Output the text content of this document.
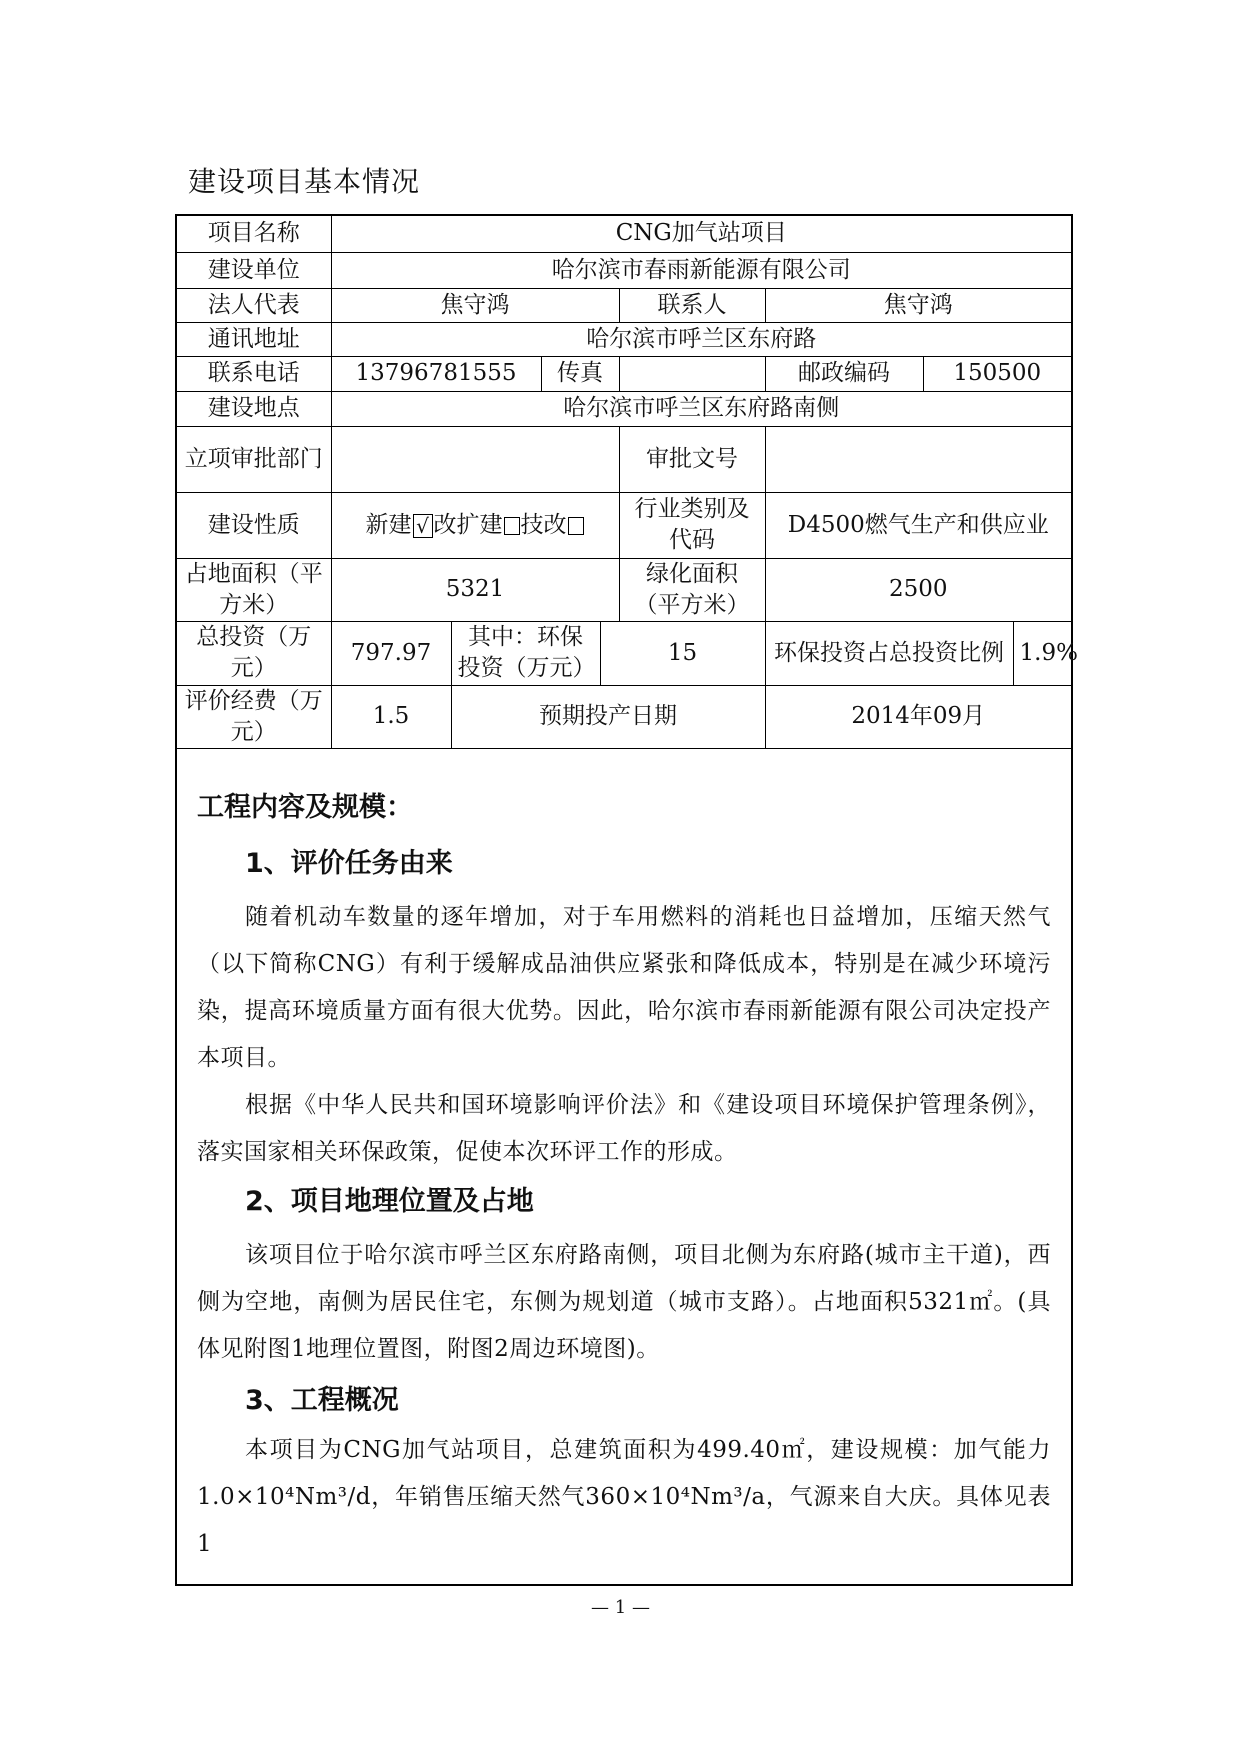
建设项目基本情况
项目名称	CNG加气站项目							
建设单位	哈尔滨市春雨新能源有限公司							
法人代表	焦守鸿				联系人	焦守鸿		
通讯地址	哈尔滨市呼兰区东府路							
联系电话	13796781555		传真			邮政编码	150500	
建设地点	哈尔滨市呼兰区东府路南侧							
立项审批部门					审批文号			
建设性质	新建 √ 改扩建 技改				行业类别及代码	D4500燃气生产和供应业		
占地面积（平方米）	5321				绿化面积（平方米）	2500		
总投资（万元）	797.97	其中：环保投资（万元）		15		环保投资占总投资比例		1.9%
评价经费（万元）	1.5	预期投产日期				2014年09月		

工程内容及规模：

1、评价任务由来

随着机动车数量的逐年增加，对于车用燃料的消耗也日益增加，压缩天然气（以下简称CNG）有利于缓解成品油供应紧张和降低成本，特别是在减少环境污染，提高环境质量方面有很大优势。因此，哈尔滨市春雨新能源有限公司决定投产本项目。

根据《中华人民共和国环境影响评价法》和《建设项目环境保护管理条例》，落实国家相关环保政策，促使本次环评工作的形成。

2、项目地理位置及占地

该项目位于哈尔滨市呼兰区东府路南侧，项目北侧为东府路(城市主干道)，西侧为空地，南侧为居民住宅，东侧为规划道（城市支路）。占地面积5321㎡。(具体见附图1地理位置图，附图2周边环境图)。

3、工程概况

本项目为CNG加气站项目，总建筑面积为499.40㎡，建设规模：加气能力1.0×10⁴Nm³/d，年销售压缩天然气360×10⁴Nm³/a，气源来自大庆。具体见表1

— 1 —
